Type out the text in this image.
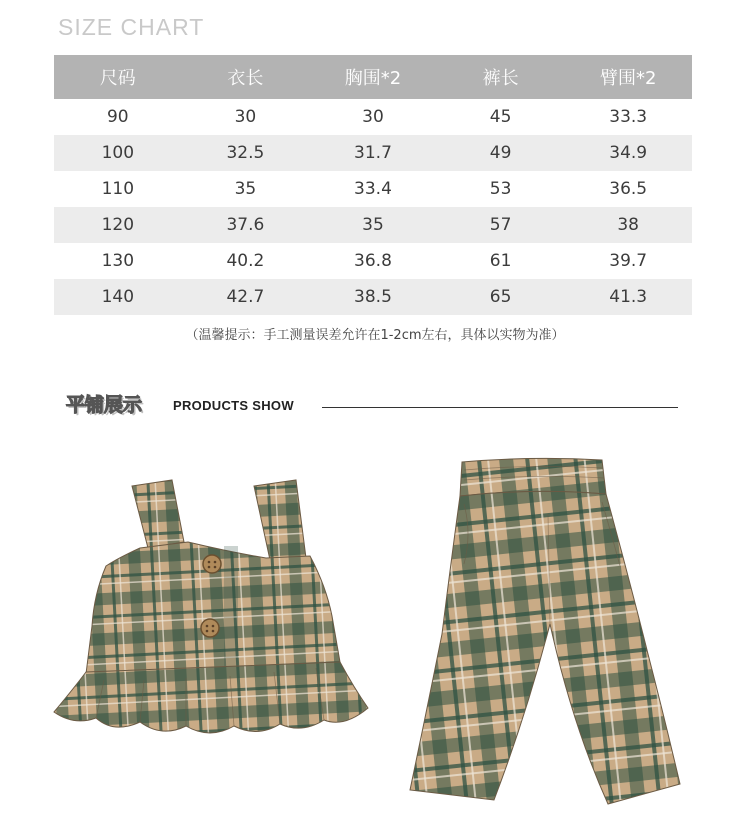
SIZE CHART
尺码	衣长	胸围*2	裤长	臂围*2
90	30	30	45	33.3
100	32.5	31.7	49	34.9
110	35	33.4	53	36.5
120	37.6	35	57	38
130	40.2	36.8	61	39.7
140	42.7	38.5	65	41.3
（温馨提示：手工测量误差允许在1-2cm左右，具体以实物为准）
平铺展示 PRODUCTS SHOW
